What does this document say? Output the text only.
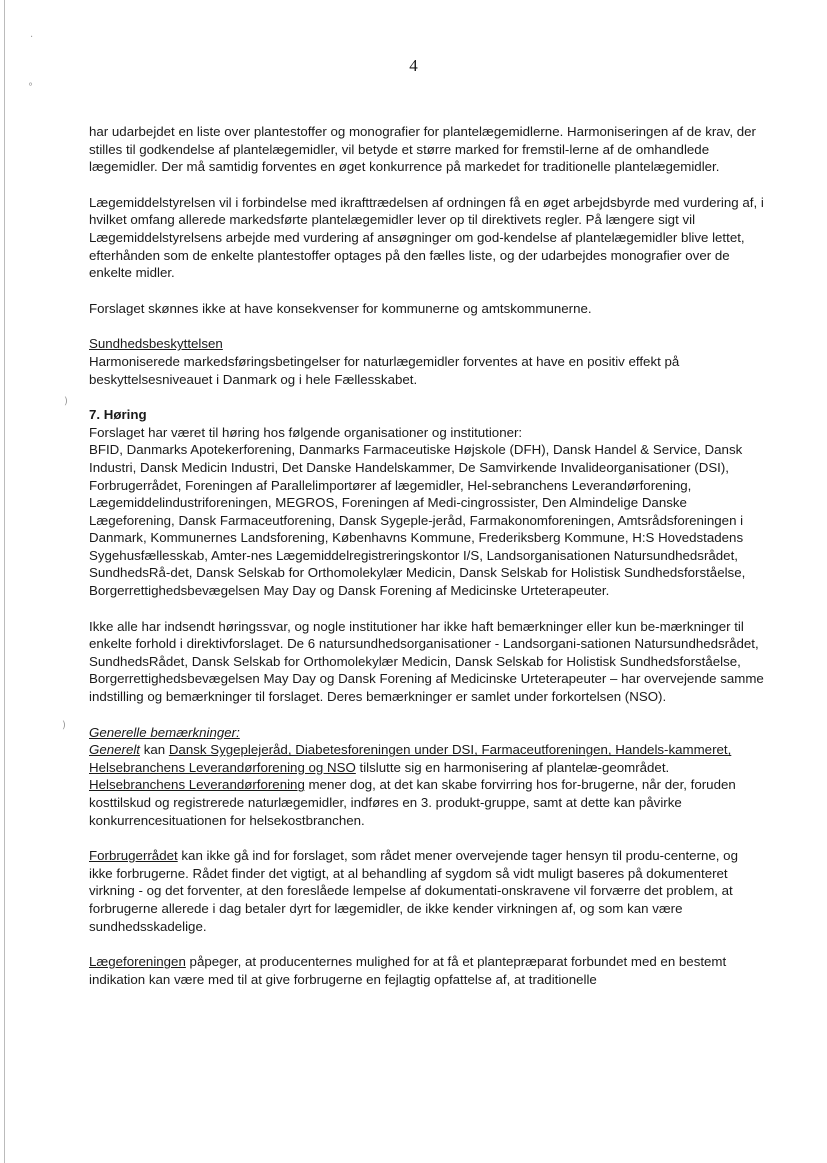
·
°
)
)
4

har udarbejdet en liste over plantestoffer og monografier for plantelægemidlerne. Harmoniseringen af de krav, der stilles til godkendelse af plantelægemidler, vil betyde et større marked for fremstil-lerne af de omhandlede lægemidler. Der må samtidig forventes en øget konkurrence på markedet for traditionelle plantelægemidler.

Lægemiddelstyrelsen vil i forbindelse med ikrafttrædelsen af ordningen få en øget arbejdsbyrde med vurdering af, i hvilket omfang allerede markedsførte plantelægemidler lever op til direktivets regler. På længere sigt vil Lægemiddelstyrelsens arbejde med vurdering af ansøgninger om god-kendelse af plantelægemidler blive lettet, efterhånden som de enkelte plantestoffer optages på den fælles liste, og der udarbejdes monografier over de enkelte midler.

Forslaget skønnes ikke at have konsekvenser for kommunerne og amtskommunerne.

Sundhedsbeskyttelsen

Harmoniserede markedsføringsbetingelser for naturlægemidler forventes at have en positiv effekt på beskyttelsesniveauet i Danmark og i hele Fællesskabet.

7. Høring

Forslaget har været til høring hos følgende organisationer og institutioner:

BFID, Danmarks Apotekerforening, Danmarks Farmaceutiske Højskole (DFH), Dansk Handel & Service, Dansk Industri, Dansk Medicin Industri, Det Danske Handelskammer, De Samvirkende Invalideorganisationer (DSI), Forbrugerrådet, Foreningen af Parallelimportører af lægemidler, Hel-sebranchens Leverandørforening, Lægemiddelindustriforeningen, MEGROS, Foreningen af Medi-cingrossister, Den Almindelige Danske Lægeforening, Dansk Farmaceutforening, Dansk Sygeple-jeråd, Farmakonomforeningen, Amtsrådsforeningen i Danmark, Kommunernes Landsforening, Københavns Kommune, Frederiksberg Kommune, H:S Hovedstadens Sygehusfællesskab, Amter-nes Lægemiddelregistreringskontor I/S, Landsorganisationen Natursundhedsrådet, SundhedsRå-det, Dansk Selskab for Orthomolekylær Medicin, Dansk Selskab for Holistisk Sundhedsforståelse, Borgerrettighedsbevægelsen May Day og Dansk Forening af Medicinske Urteterapeuter.

Ikke alle har indsendt høringssvar, og nogle institutioner har ikke haft bemærkninger eller kun be-mærkninger til enkelte forhold i direktivforslaget. De 6 natursundhedsorganisationer - Landsorgani-sationen Natursundhedsrådet, SundhedsRådet, Dansk Selskab for Orthomolekylær Medicin, Dansk Selskab for Holistisk Sundhedsforståelse, Borgerrettighedsbevægelsen May Day og Dansk Forening af Medicinske Urteterapeuter – har overvejende samme indstilling og bemærkninger til forslaget. Deres bemærkninger er samlet under forkortelsen (NSO).

Generelle bemærkninger:

Generelt kan Dansk Sygeplejeråd, Diabetesforeningen under DSI, Farmaceutforeningen, Handels-kammeret, Helsebranchens Leverandørforening og NSO tilslutte sig en harmonisering af plantelæ-geområdet. Helsebranchens Leverandørforening mener dog, at det kan skabe forvirring hos for-brugerne, når der, foruden kosttilskud og registrerede naturlægemidler, indføres en 3. produkt-gruppe, samt at dette kan påvirke konkurrencesituationen for helsekostbranchen.

Forbrugerrådet kan ikke gå ind for forslaget, som rådet mener overvejende tager hensyn til produ-centerne, og ikke forbrugerne. Rådet finder det vigtigt, at al behandling af sygdom så vidt muligt baseres på dokumenteret virkning - og det forventer, at den foreslåede lempelse af dokumentati-onskravene vil forværre det problem, at forbrugerne allerede i dag betaler dyrt for lægemidler, de ikke kender virkningen af, og som kan være sundhedsskadelige.

Lægeforeningen påpeger, at producenternes mulighed for at få et plantepræparat forbundet med en bestemt indikation kan være med til at give forbrugerne en fejlagtig opfattelse af, at traditionelle
